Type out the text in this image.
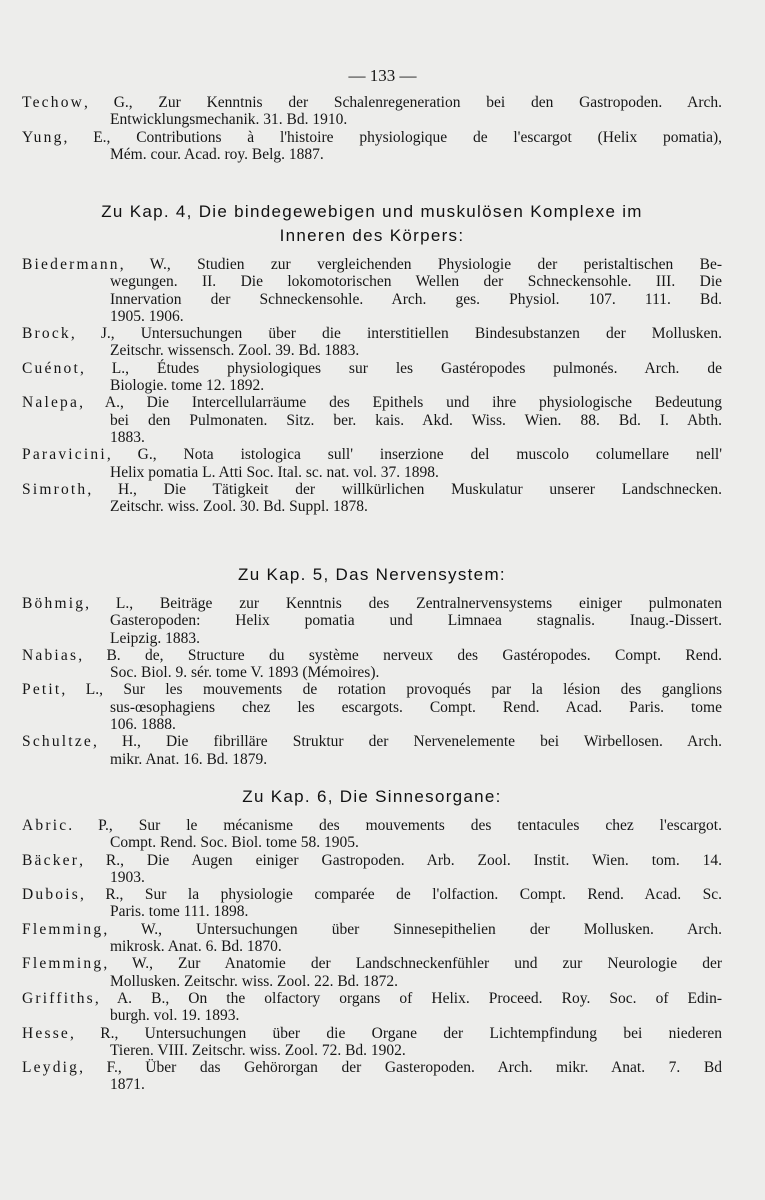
— 133 —
Techow, G., Zur Kenntnis der Schalenregeneration bei den Gastropoden. Arch.
Entwicklungsmechanik. 31. Bd. 1910.
Yung, E., Contributions à l'histoire physiologique de l'escargot (Helix pomatia),
Mém. cour. Acad. roy. Belg. 1887.
Zu Kap. 4, Die bindegewebigen und muskulösen Komplexe im
Inneren des Körpers:
Biedermann, W., Studien zur vergleichenden Physiologie der peristaltischen Be-
wegungen. II. Die lokomotorischen Wellen der Schneckensohle. III. Die
Innervation der Schneckensohle. Arch. ges. Physiol. 107. 111. Bd.
1905. 1906.
Brock, J., Untersuchungen über die interstitiellen Bindesubstanzen der Mollusken.
Zeitschr. wissensch. Zool. 39. Bd. 1883.
Cuénot, L., Études physiologiques sur les Gastéropodes pulmonés. Arch. de
Biologie. tome 12. 1892.
Nalepa, A., Die Intercellularräume des Epithels und ihre physiologische Bedeutung
bei den Pulmonaten. Sitz. ber. kais. Akd. Wiss. Wien. 88. Bd. I. Abth.
1883.
Paravicini, G., Nota istologica sull' inserzione del muscolo columellare nell'
Helix pomatia L. Atti Soc. Ital. sc. nat. vol. 37. 1898.
Simroth, H., Die Tätigkeit der willkürlichen Muskulatur unserer Landschnecken.
Zeitschr. wiss. Zool. 30. Bd. Suppl. 1878.
Zu Kap. 5, Das Nervensystem:
Böhmig, L., Beiträge zur Kenntnis des Zentralnervensystems einiger pulmonaten
Gasteropoden: Helix pomatia und Limnaea stagnalis. Inaug.-Dissert.
Leipzig. 1883.
Nabias, B. de, Structure du système nerveux des Gastéropodes. Compt. Rend.
Soc. Biol. 9. sér. tome V. 1893 (Mémoires).
Petit, L., Sur les mouvements de rotation provoqués par la lésion des ganglions
sus-œsophagiens chez les escargots. Compt. Rend. Acad. Paris. tome
106. 1888.
Schultze, H., Die fibrilläre Struktur der Nervenelemente bei Wirbellosen. Arch.
mikr. Anat. 16. Bd. 1879.
Zu Kap. 6, Die Sinnesorgane:
Abric. P., Sur le mécanisme des mouvements des tentacules chez l'escargot.
Compt. Rend. Soc. Biol. tome 58. 1905.
Bäcker, R., Die Augen einiger Gastropoden. Arb. Zool. Instit. Wien. tom. 14.
1903.
Dubois, R., Sur la physiologie comparée de l'olfaction. Compt. Rend. Acad. Sc.
Paris. tome 111. 1898.
Flemming, W., Untersuchungen über Sinnesepithelien der Mollusken. Arch.
mikrosk. Anat. 6. Bd. 1870.
Flemming, W., Zur Anatomie der Landschneckenfühler und zur Neurologie der
Mollusken. Zeitschr. wiss. Zool. 22. Bd. 1872.
Griffiths, A. B., On the olfactory organs of Helix. Proceed. Roy. Soc. of Edin-
burgh. vol. 19. 1893.
Hesse, R., Untersuchungen über die Organe der Lichtempfindung bei niederen
Tieren. VIII. Zeitschr. wiss. Zool. 72. Bd. 1902.
Leydig, F., Über das Gehörorgan der Gasteropoden. Arch. mikr. Anat. 7. Bd
1871.
